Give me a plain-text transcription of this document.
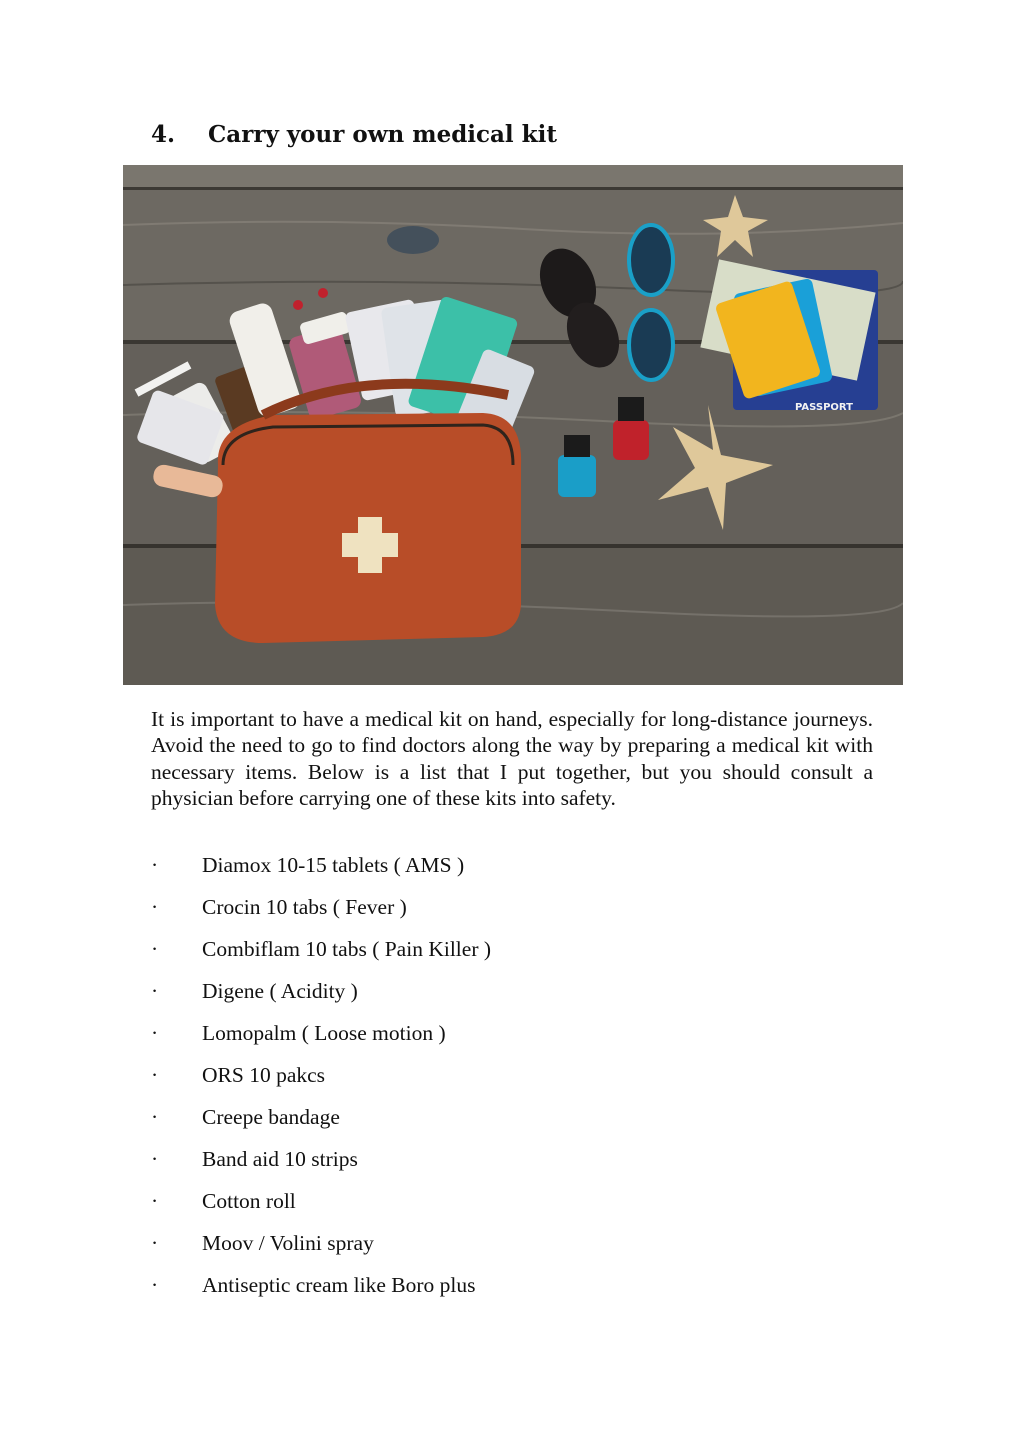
4.	Carry your own medical kit
PASSPORT

It is important to have a medical kit on hand, especially for long-distance journeys. Avoid the need to go to find doctors along the way by preparing a medical kit with necessary items. Below is a list that I put together, but you should consult a physician before carrying one of these kits into safety.

·	Diamox 10-15 tablets ( AMS )
·	Crocin 10 tabs ( Fever )
·	Combiflam 10 tabs ( Pain Killer )
·	Digene ( Acidity )
·	Lomopalm ( Loose motion )
·	ORS 10 pakcs
·	Creepe bandage
·	Band aid 10 strips
·	Cotton roll
·	Moov / Volini spray
·	Antiseptic cream like Boro plus
